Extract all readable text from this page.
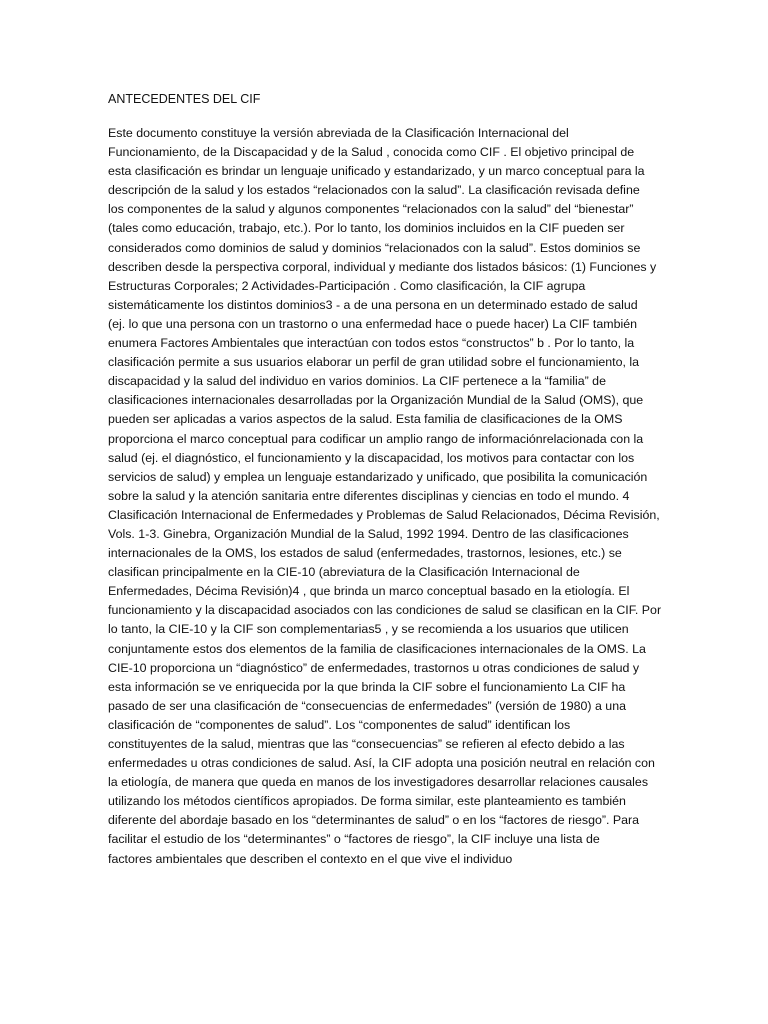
ANTECEDENTES DEL CIF
Este documento constituye la versión abreviada de la Clasificación Internacional del
Funcionamiento, de la Discapacidad y de la Salud , conocida como CIF . El objetivo principal de
esta clasificación es brindar un lenguaje unificado y estandarizado, y un marco conceptual para la
descripción de la salud y los estados “relacionados con la salud”. La clasificación revisada define
los componentes de la salud y algunos componentes “relacionados con la salud” del “bienestar”
(tales como educación, trabajo, etc.). Por lo tanto, los dominios incluidos en la CIF pueden ser
considerados como dominios de salud y dominios “relacionados con la salud”. Estos dominios se
describen desde la perspectiva corporal, individual y mediante dos listados básicos: (1) Funciones y
Estructuras Corporales; 2 Actividades-Participación . Como clasificación, la CIF agrupa
sistemáticamente los distintos dominios3 - a de una persona en un determinado estado de salud
(ej. lo que una persona con un trastorno o una enfermedad hace o puede hacer) La CIF también
enumera Factores Ambientales que interactúan con todos estos “constructos” b . Por lo tanto, la
clasificación permite a sus usuarios elaborar un perfil de gran utilidad sobre el funcionamiento, la
discapacidad y la salud del individuo en varios dominios. La CIF pertenece a la “familia” de
clasificaciones internacionales desarrolladas por la Organización Mundial de la Salud (OMS), que
pueden ser aplicadas a varios aspectos de la salud. Esta familia de clasificaciones de la OMS
proporciona el marco conceptual para codificar un amplio rango de informaciónrelacionada con la
salud (ej. el diagnóstico, el funcionamiento y la discapacidad, los motivos para contactar con los
servicios de salud) y emplea un lenguaje estandarizado y unificado, que posibilita la comunicación
sobre la salud y la atención sanitaria entre diferentes disciplinas y ciencias en todo el mundo. 4
Clasificación Internacional de Enfermedades y Problemas de Salud Relacionados, Décima Revisión,
Vols. 1-3. Ginebra, Organización Mundial de la Salud, 1992 1994. Dentro de las clasificaciones
internacionales de la OMS, los estados de salud (enfermedades, trastornos, lesiones, etc.) se
clasifican principalmente en la CIE-10 (abreviatura de la Clasificación Internacional de
Enfermedades, Décima Revisión)4 , que brinda un marco conceptual basado en la etiología. El
funcionamiento y la discapacidad asociados con las condiciones de salud se clasifican en la CIF. Por
lo tanto, la CIE-10 y la CIF son complementarias5 , y se recomienda a los usuarios que utilicen
conjuntamente estos dos elementos de la familia de clasificaciones internacionales de la OMS. La
CIE-10 proporciona un “diagnóstico” de enfermedades, trastornos u otras condiciones de salud y
esta información se ve enriquecida por la que brinda la CIF sobre el funcionamiento La CIF ha
pasado de ser una clasificación de “consecuencias de enfermedades” (versión de 1980) a una
clasificación de “componentes de salud”. Los “componentes de salud” identifican los
constituyentes de la salud, mientras que las “consecuencias” se refieren al efecto debido a las
enfermedades u otras condiciones de salud. Así, la CIF adopta una posición neutral en relación con
la etiología, de manera que queda en manos de los investigadores desarrollar relaciones causales
utilizando los métodos científicos apropiados. De forma similar, este planteamiento es también
diferente del abordaje basado en los “determinantes de salud” o en los “factores de riesgo”. Para
facilitar el estudio de los “determinantes” o “factores de riesgo”, la CIF incluye una lista de
factores ambientales que describen el contexto en el que vive el individuo
